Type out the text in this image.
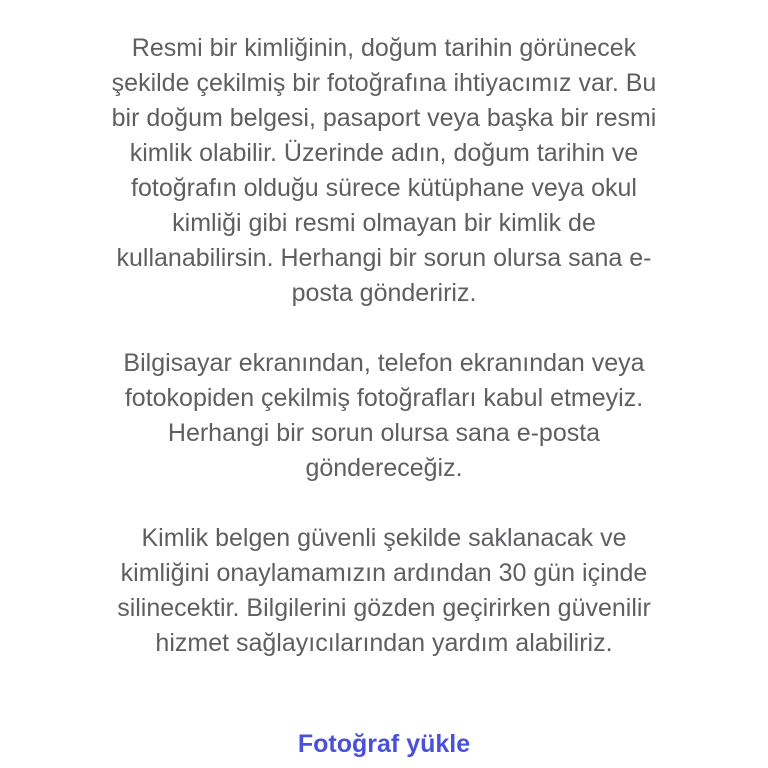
Resmi bir kimliğinin, doğum tarihin görünecek
şekilde çekilmiş bir fotoğrafına ihtiyacımız var. Bu
bir doğum belgesi, pasaport veya başka bir resmi
kimlik olabilir. Üzerinde adın, doğum tarihin ve
fotoğrafın olduğu sürece kütüphane veya okul
kimliği gibi resmi olmayan bir kimlik de
kullanabilirsin. Herhangi bir sorun olursa sana e-
posta göndeririz.

Bilgisayar ekranından, telefon ekranından veya
fotokopiden çekilmiş fotoğrafları kabul etmeyiz.
Herhangi bir sorun olursa sana e-posta
göndereceğiz.

Kimlik belgen güvenli şekilde saklanacak ve
kimliğini onaylamamızın ardından 30 gün içinde
silinecektir. Bilgilerini gözden geçirirken güvenilir
hizmet sağlayıcılarından yardım alabiliriz.

Fotoğraf yükle
